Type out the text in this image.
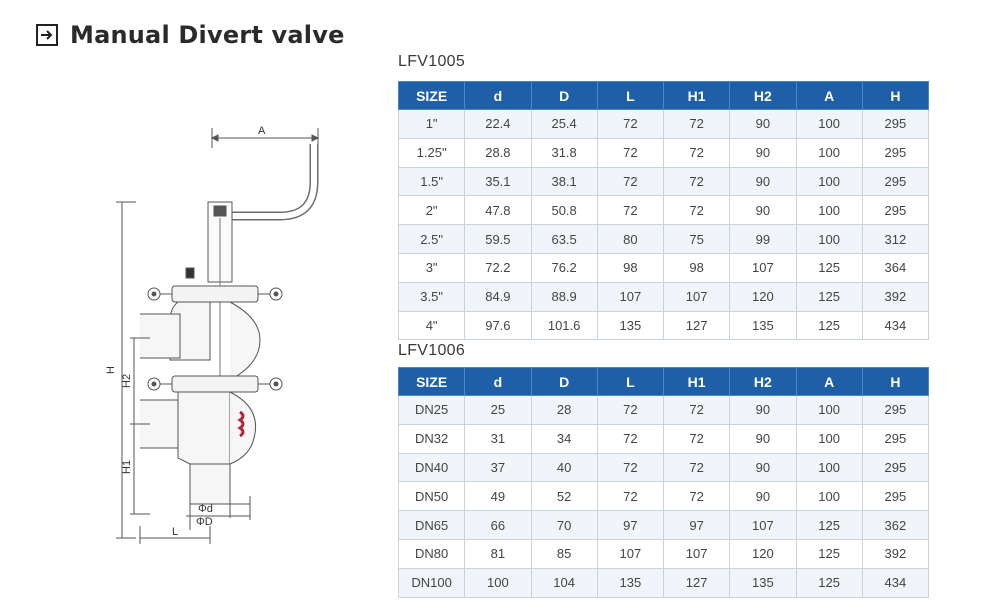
Manual Divert valve
A
H
H2
H1
Φd
ΦD
L
LFV1005
SIZE	d	D	L	H1	H2	A	H
1"	22.4	25.4	72	72	90	100	295
1.25"	28.8	31.8	72	72	90	100	295
1.5"	35.1	38.1	72	72	90	100	295
2"	47.8	50.8	72	72	90	100	295
2.5"	59.5	63.5	80	75	99	100	312
3"	72.2	76.2	98	98	107	125	364
3.5"	84.9	88.9	107	107	120	125	392
4"	97.6	101.6	135	127	135	125	434
LFV1006
SIZE	d	D	L	H1	H2	A	H
DN25	25	28	72	72	90	100	295
DN32	31	34	72	72	90	100	295
DN40	37	40	72	72	90	100	295
DN50	49	52	72	72	90	100	295
DN65	66	70	97	97	107	125	362
DN80	81	85	107	107	120	125	392
DN100	100	104	135	127	135	125	434
